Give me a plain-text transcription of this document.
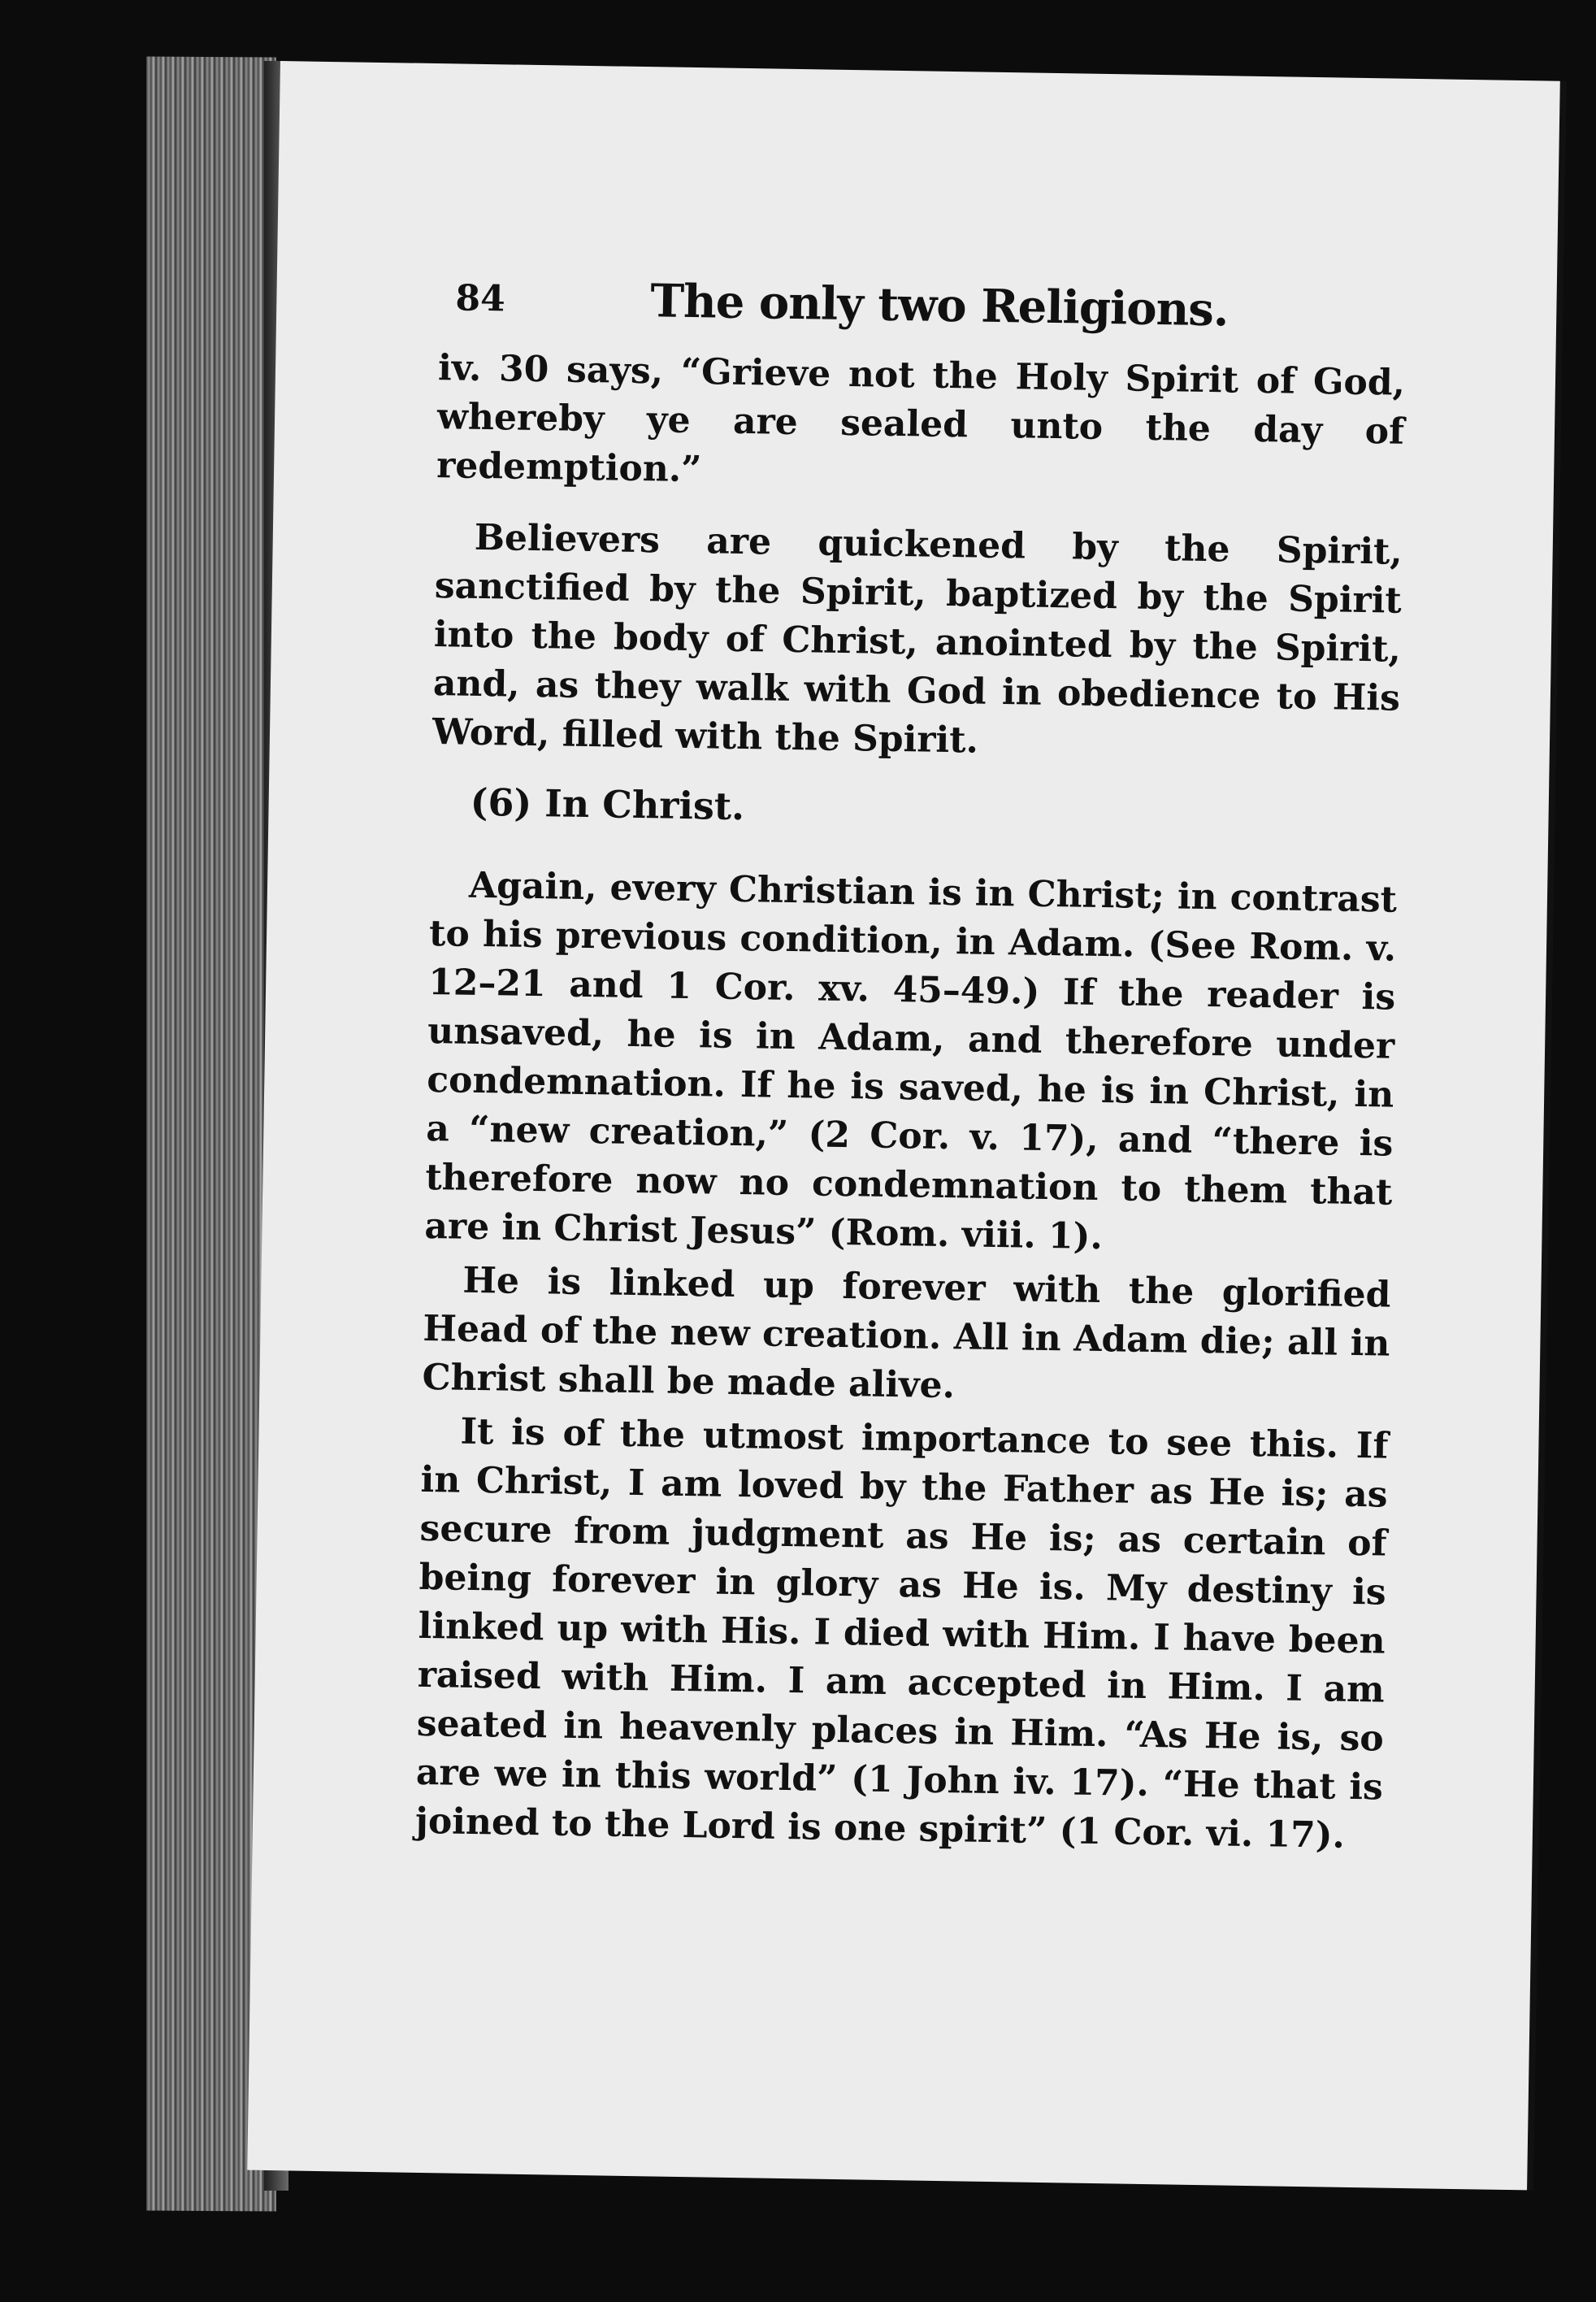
84	The only two Religions.

iv. 30 says, “Grieve not the Holy Spirit of God, whereby ye are sealed unto the day of redemption.”

Believers are quickened by the Spirit, sanctified by the Spirit, baptized by the Spirit into the body of Christ, anointed by the Spirit, and, as they walk with God in obedience to His Word, filled with the Spirit.

(6) In Christ.

Again, every Christian is in Christ; in contrast to his previous condition, in Adam. (See Rom. v. 12–21 and 1 Cor. xv. 45–49.) If the reader is unsaved, he is in Adam, and therefore under condemnation. If he is saved, he is in Christ, in a “new creation,” (2 Cor. v. 17), and “there is therefore now no condemnation to them that are in Christ Jesus” (Rom. viii. 1).

He is linked up forever with the glorified Head of the new creation. All in Adam die; all in Christ shall be made alive.

It is of the utmost importance to see this. If in Christ, I am loved by the Father as He is; as secure from judgment as He is; as certain of being forever in glory as He is. My destiny is linked up with His. I died with Him. I have been raised with Him. I am accepted in Him. I am seated in heavenly places in Him. “As He is, so are we in this world” (1 John iv. 17). “He that is joined to the Lord is one spirit” (1 Cor. vi. 17).
